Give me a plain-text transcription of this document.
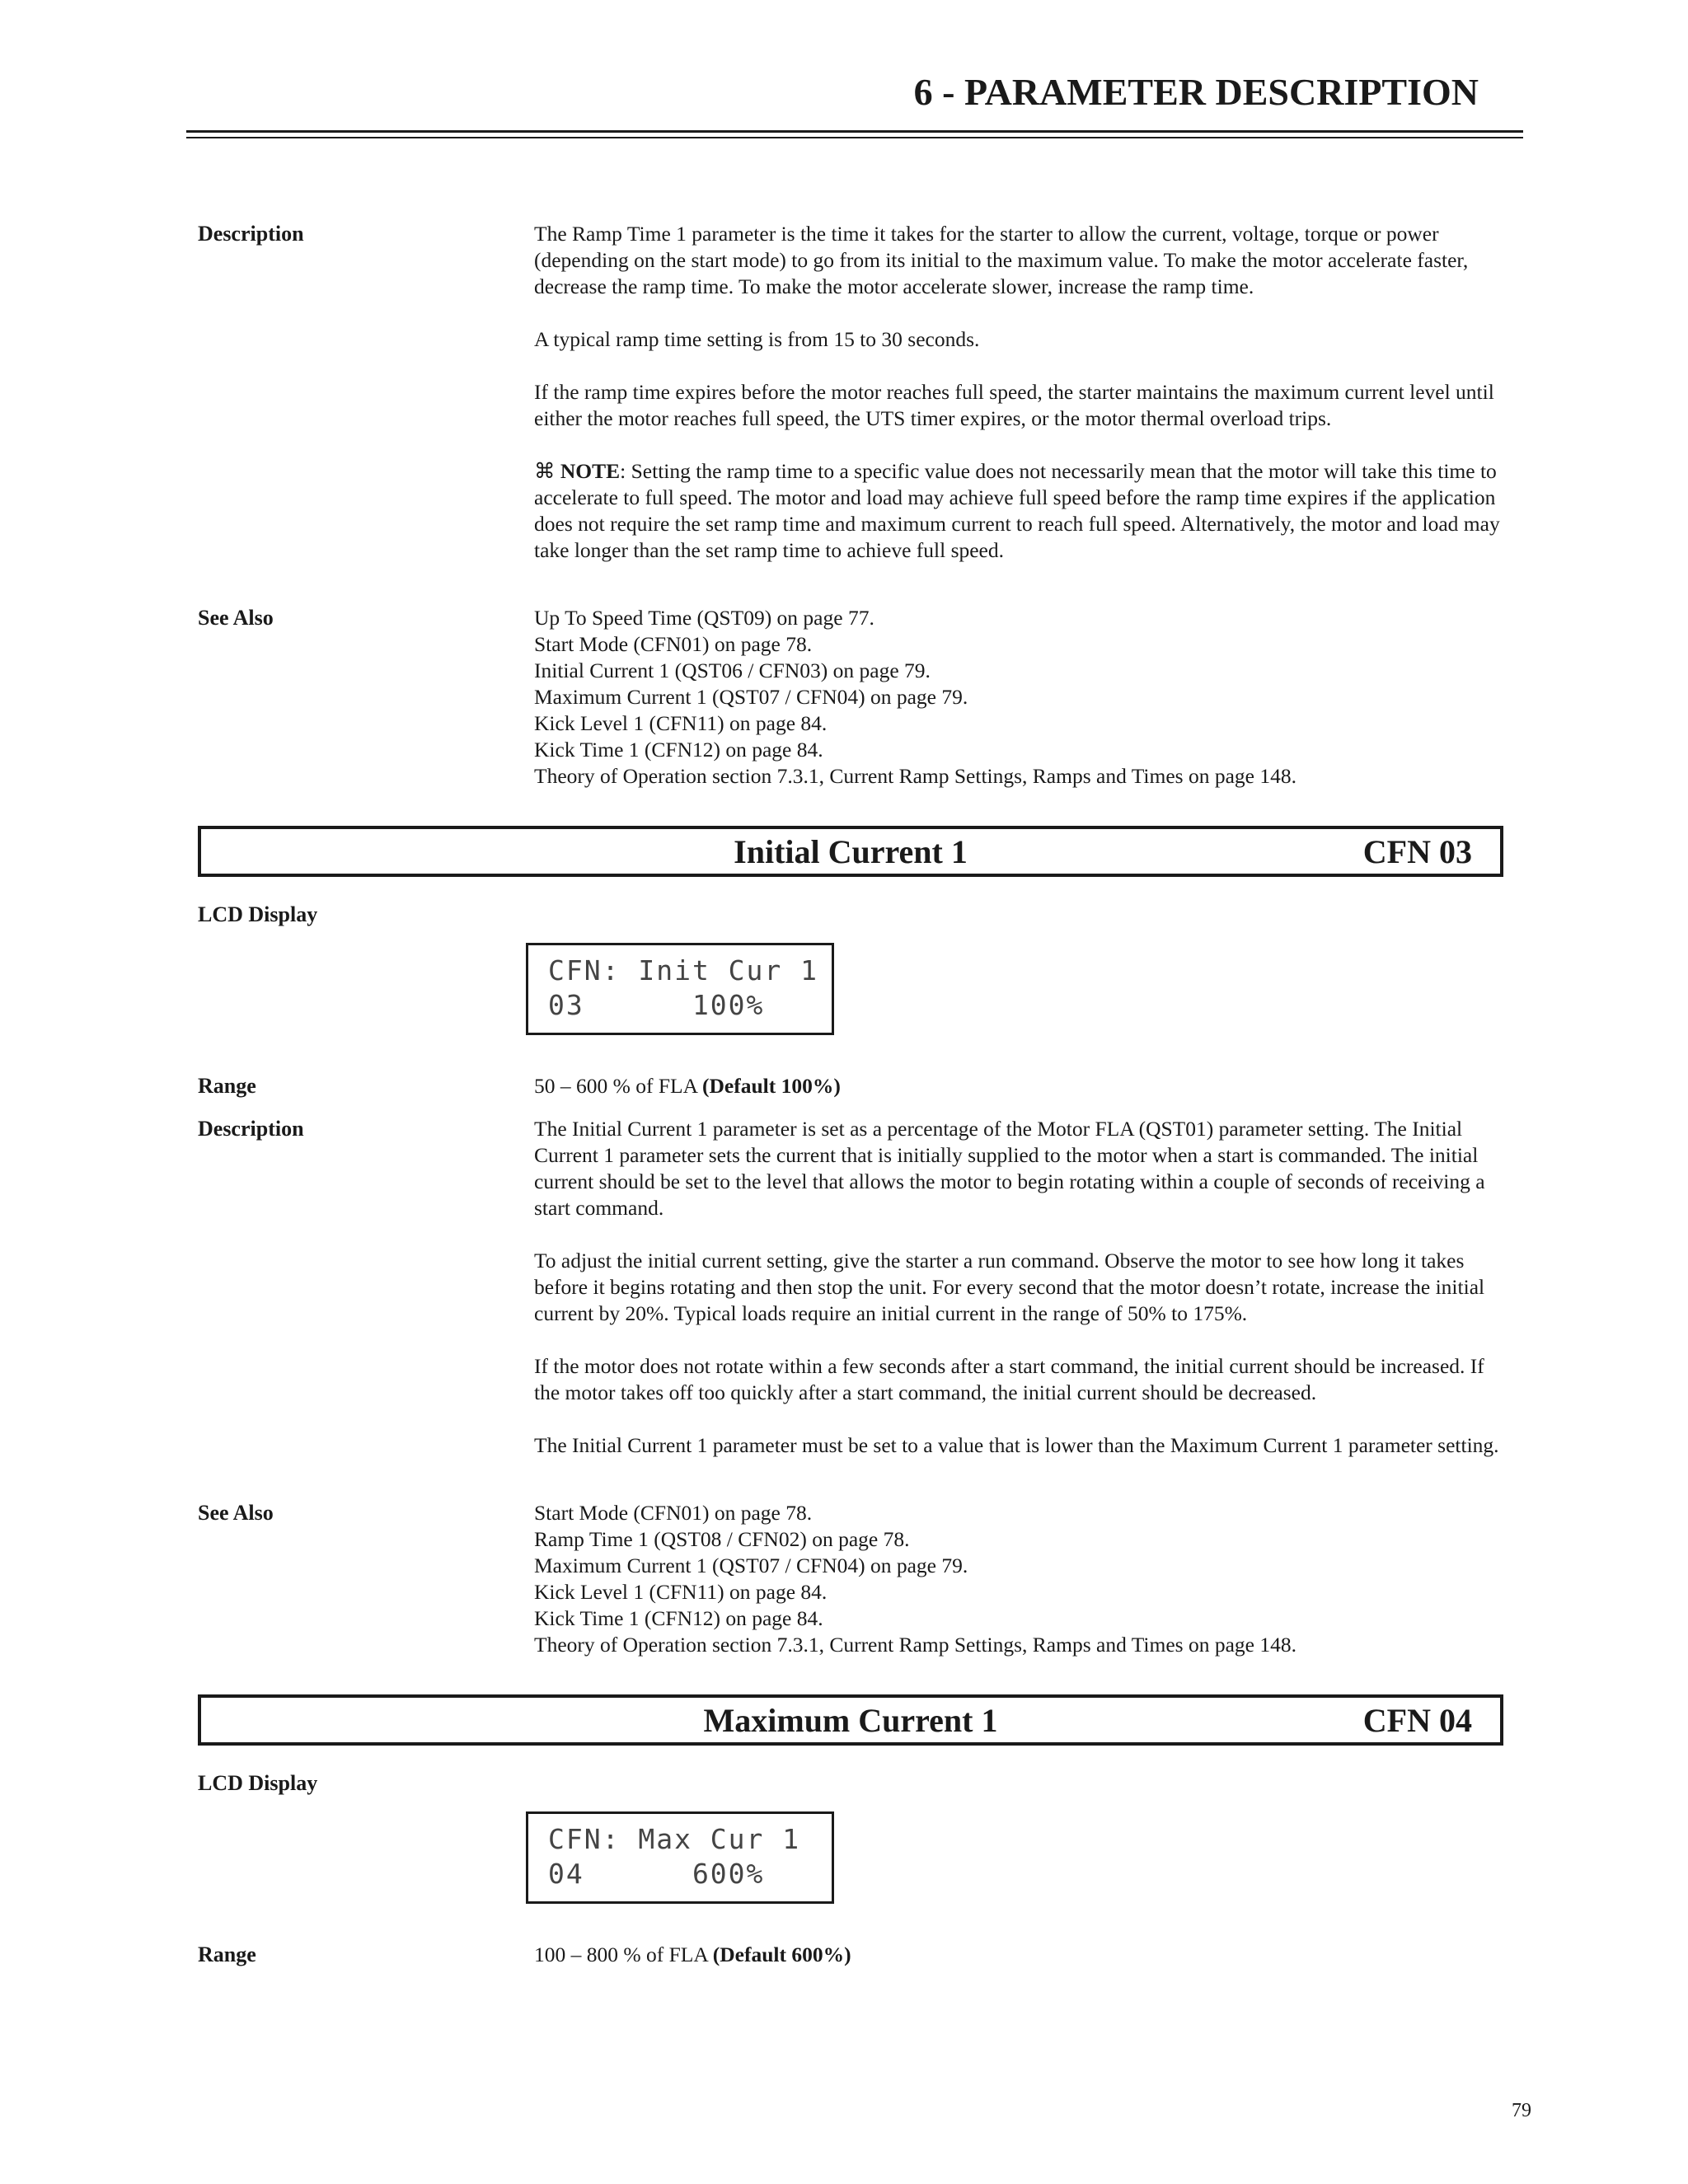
6 - PARAMETER DESCRIPTION
Description	The Ramp Time 1 parameter is the time it takes for the starter to allow the current, voltage, torque or power (depending on the start mode) to go from its initial to the maximum value. To make the motor accelerate faster, decrease the ramp time. To make the motor accelerate slower, increase the ramp time.

A typical ramp time setting is from 15 to 30 seconds.

If the ramp time expires before the motor reaches full speed, the starter maintains the maximum current level until either the motor reaches full speed, the UTS timer expires, or the motor thermal overload trips.

⌘ NOTE: Setting the ramp time to a specific value does not necessarily mean that the motor will take this time to accelerate to full speed. The motor and load may achieve full speed before the ramp time expires if the application does not require the set ramp time and maximum current to reach full speed. Alternatively, the motor and load may take longer than the set ramp time to achieve full speed.

See Also	Up To Speed Time (QST09) on page 77.
Start Mode (CFN01) on page 78.
Initial Current 1 (QST06 / CFN03) on page 79.
Maximum Current 1 (QST07 / CFN04) on page 79.
Kick Level 1 (CFN11) on page 84.
Kick Time 1 (CFN12) on page 84.
Theory of Operation section 7.3.1, Current Ramp Settings, Ramps and Times on page 148.
Initial Current 1	CFN 03
LCD Display
CFN: Init Cur 1
03      100%
Range	50 – 600 % of FLA (Default 100%)
Description	The Initial Current 1 parameter is set as a percentage of the Motor FLA (QST01) parameter setting. The Initial Current 1 parameter sets the current that is initially supplied to the motor when a start is commanded. The initial current should be set to the level that allows the motor to begin rotating within a couple of seconds of receiving a start command.

To adjust the initial current setting, give the starter a run command. Observe the motor to see how long it takes before it begins rotating and then stop the unit. For every second that the motor doesn’t rotate, increase the initial current by 20%. Typical loads require an initial current in the range of 50% to 175%.

If the motor does not rotate within a few seconds after a start command, the initial current should be increased. If the motor takes off too quickly after a start command, the initial current should be decreased.

The Initial Current 1 parameter must be set to a value that is lower than the Maximum Current 1 parameter setting.

See Also	Start Mode (CFN01) on page 78.
Ramp Time 1 (QST08 / CFN02) on page 78.
Maximum Current 1 (QST07 / CFN04) on page 79.
Kick Level 1 (CFN11) on page 84.
Kick Time 1 (CFN12) on page 84.
Theory of Operation section 7.3.1, Current Ramp Settings, Ramps and Times on page 148.
Maximum Current 1	CFN 04
LCD Display
CFN: Max Cur 1
04      600%
Range	100 – 800 % of FLA (Default 600%)
79
